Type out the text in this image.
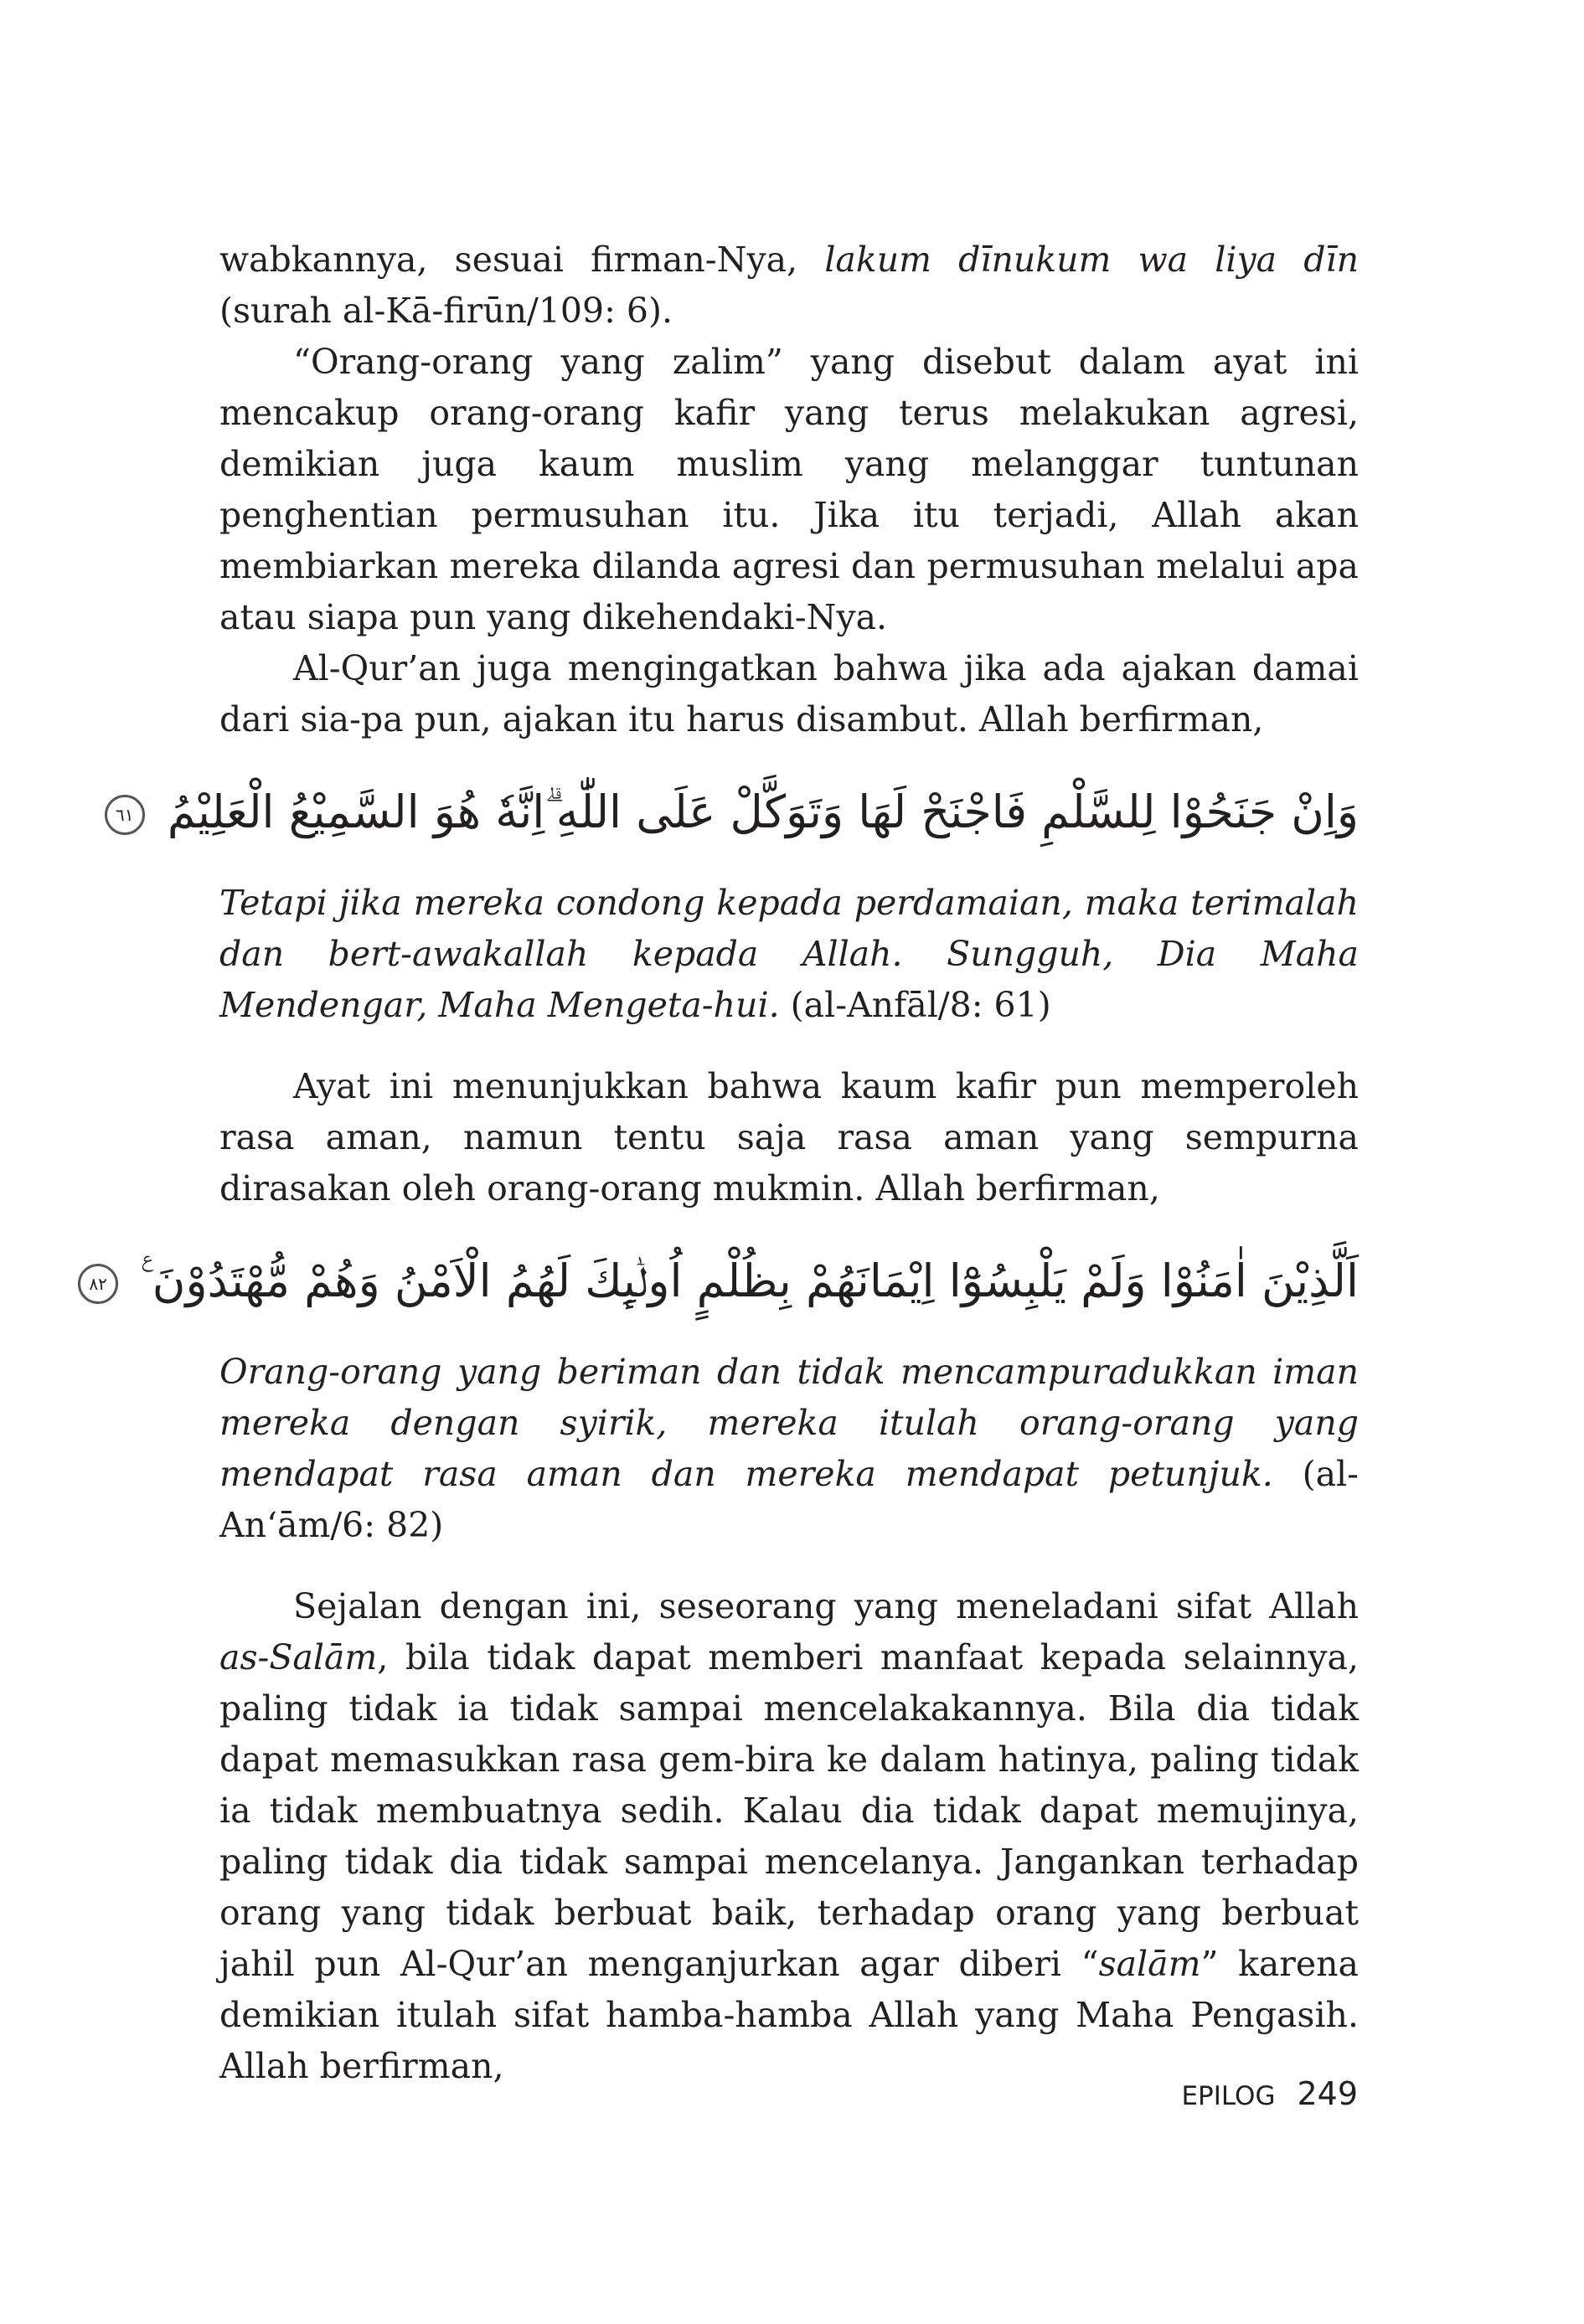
wabkannya, sesuai firman-Nya, lakum dīnukum wa liya dīn (surah al-Kā-firūn/109: 6).

“Orang-orang yang zalim” yang disebut dalam ayat ini mencakup orang-orang kafir yang terus melakukan agresi, demikian juga kaum muslim yang melanggar tuntunan penghentian permusuhan itu. Jika itu terjadi, Allah akan membiarkan mereka dilanda agresi dan permusuhan melalui apa atau siapa pun yang dikehendaki-Nya.

Al-Qur’an juga mengingatkan bahwa jika ada ajakan damai dari sia-pa pun, ajakan itu harus disambut. Allah berfirman,

وَاِنْ جَنَحُوْا لِلسَّلْمِ فَاجْنَحْ لَهَا وَتَوَكَّلْ عَلَى اللّٰهِ ۗاِنَّهٗ هُوَ السَّمِيْعُ الْعَلِيْمُ ٦١

Tetapi jika mereka condong kepada perdamaian, maka terimalah dan bert-awakallah kepada Allah. Sungguh, Dia Maha Mendengar, Maha Mengeta-hui. (al-Anfāl/8: 61)

Ayat ini menunjukkan bahwa kaum kafir pun memperoleh rasa aman, namun tentu saja rasa aman yang sempurna dirasakan oleh orang-orang mukmin. Allah berfirman,

اَلَّذِيْنَ اٰمَنُوْا وَلَمْ يَلْبِسُوْٓا اِيْمَانَهُمْ بِظُلْمٍ اُولٰۤىِٕكَ لَهُمُ الْاَمْنُ وَهُمْ مُّهْتَدُوْنَ ࣖ ٨٢

Orang-orang yang beriman dan tidak mencampuradukkan iman mereka dengan syirik, mereka itulah orang-orang yang mendapat rasa aman dan mereka mendapat petunjuk. (al-An‘ām/6: 82)

Sejalan dengan ini, seseorang yang meneladani sifat Allah as-Salām, bila tidak dapat memberi manfaat kepada selainnya, paling tidak ia tidak sampai mencelakakannya. Bila dia tidak dapat memasukkan rasa gem-bira ke dalam hatinya, paling tidak ia tidak membuatnya sedih. Kalau dia tidak dapat memujinya, paling tidak dia tidak sampai mencelanya. Jangankan terhadap orang yang tidak berbuat baik, terhadap orang yang berbuat jahil pun Al-Qur’an menganjurkan agar diberi “salām” karena demikian itulah sifat hamba-hamba Allah yang Maha Pengasih. Allah berfirman,

EPILOG 249
